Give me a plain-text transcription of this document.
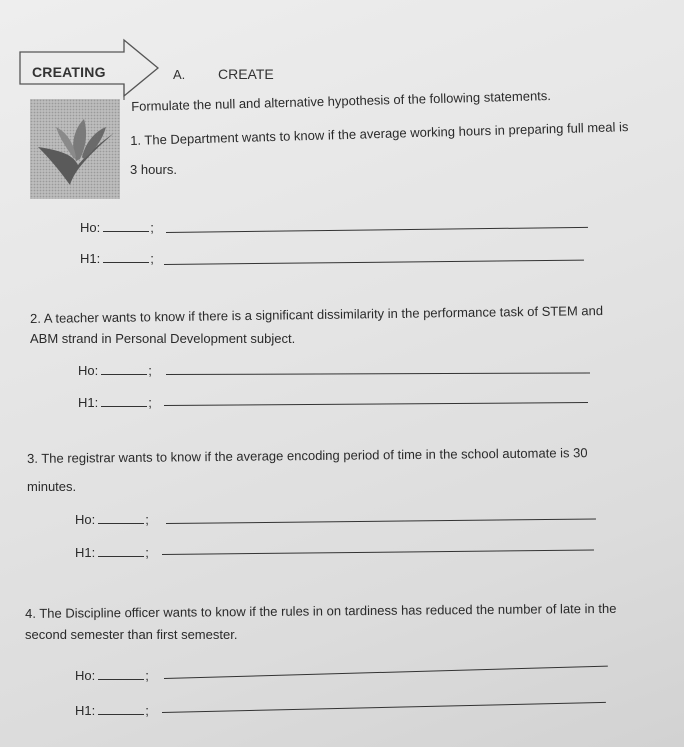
CREATING	A. CREATE
Formulate the null and alternative hypothesis of the following statements.
1. The Department wants to know if the average working hours in preparing full meal is
3 hours.
Ho:	;
H1:	;
2. A teacher wants to know if there is a significant dissimilarity in the performance task of STEM and
ABM strand in Personal Development subject.
Ho:	;
H1:	;
3. The registrar wants to know if the average encoding period of time in the school automate is 30
minutes.
Ho:	;
H1:	;
4. The Discipline officer wants to know if the rules in on tardiness has reduced the number of late in the
second semester than first semester.
Ho:	;
H1:	;
